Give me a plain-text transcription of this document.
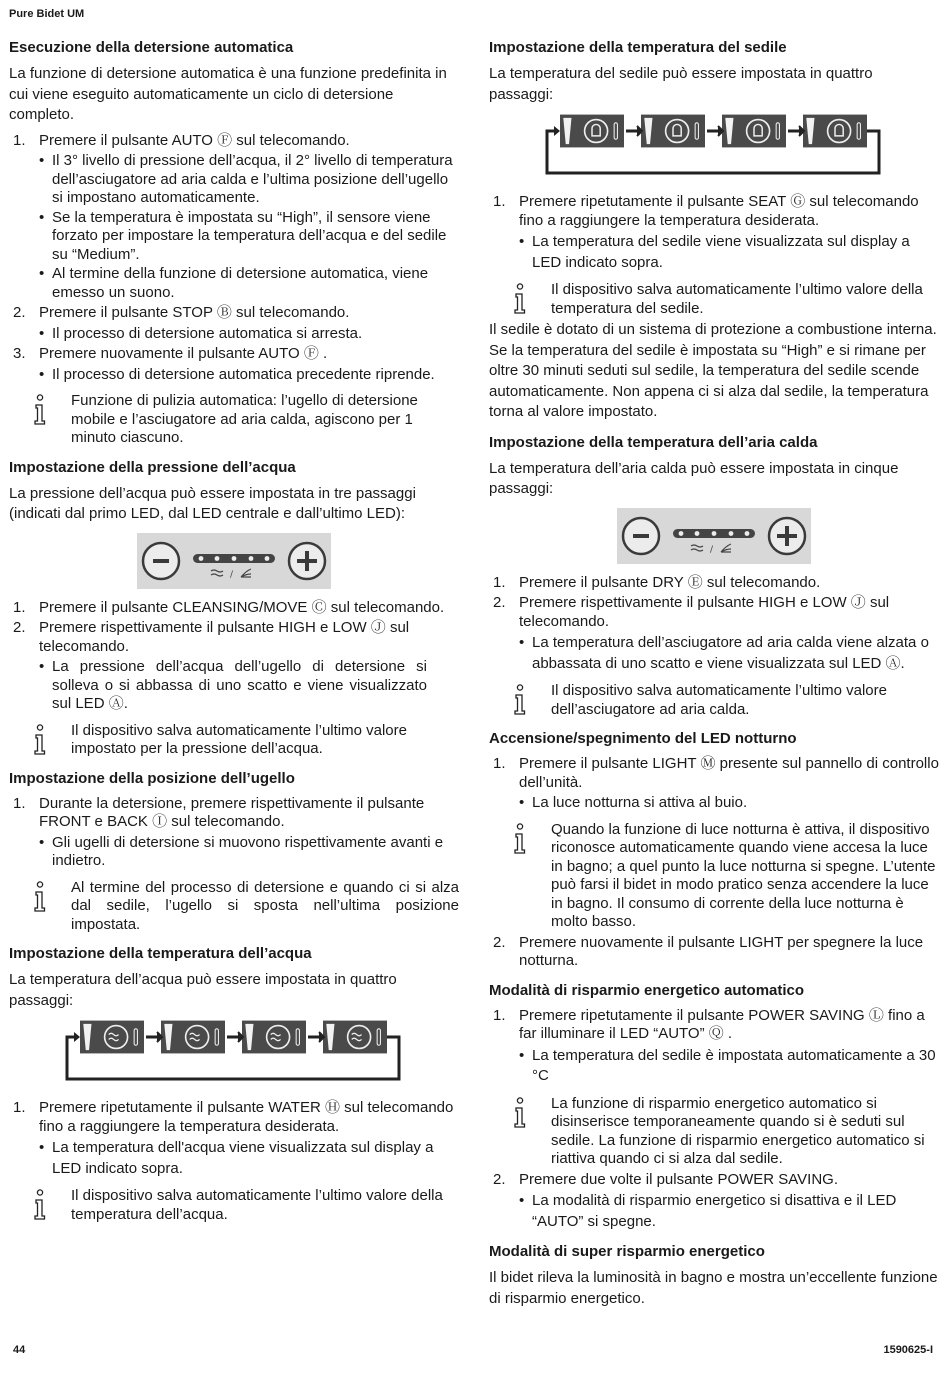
Pure Bidet UM
Esecuzione della detersione automatica

La funzione di detersione automatica è una funzione predefinita in cui viene eseguito automaticamente un ciclo di detersione completo.

1. Premere il pulsante AUTO Ⓕ sul telecomando.
• Il 3° livello di pressione dell’acqua, il 2° livello di temperatura dell’asciugatore ad aria calda e l’ultima posizione dell’ugello si impostano automaticamente.
• Se la temperatura è impostata su “High”, il sensore viene forzato per impostare la temperatura dell’acqua e del sedile su “Medium”.
• Al termine della funzione di detersione automatica, viene emesso un suono.
2. Premere il pulsante STOP Ⓑ sul telecomando.
• Il processo di detersione automatica si arresta.
3. Premere nuovamente il pulsante AUTO Ⓕ .
• Il processo di detersione automatica precedente riprende.
Funzione di pulizia automatica: l’ugello di detersione mobile e l’asciugatore ad aria calda, agiscono per 1 minuto ciascuno.
Impostazione della pressione dell’acqua

La pressione dell’acqua può essere impostata in tre passaggi (indicati dal primo LED, dal LED centrale e dall’ultimo LED):

1. Premere il pulsante CLEANSING/MOVE Ⓒ sul telecomando.
2. Premere rispettivamente il pulsante HIGH e LOW Ⓙ sul telecomando.
• La pressione dell’acqua dell’ugello di detersione si solleva o si abbassa di uno scatto e viene visualizzato sul LED Ⓐ.
Il dispositivo salva automaticamente l’ultimo valore impostato per la pressione dell’acqua.
Impostazione della posizione dell’ugello
1. Durante la detersione, premere rispettivamente il pulsante FRONT e BACK Ⓘ sul telecomando.
• Gli ugelli di detersione si muovono rispettivamente avanti e indietro.
Al termine del processo di detersione e quando ci si alza dal sedile, l’ugello si sposta nell’ultima posizione impostata.
Impostazione della temperatura dell’acqua

La temperatura dell’acqua può essere impostata in quattro passaggi:

1. Premere ripetutamente il pulsante WATER Ⓗ sul telecomando fino a raggiungere la temperatura desiderata.
• La temperatura dell'acqua viene visualizzata sul display a LED indicato sopra.
Il dispositivo salva automaticamente l’ultimo valore della temperatura dell’acqua.
Impostazione della temperatura del sedile

La temperatura del sedile può essere impostata in quattro passaggi:

1. Premere ripetutamente il pulsante SEAT Ⓖ sul telecomando fino a raggiungere la temperatura desiderata.
• La temperatura del sedile viene visualizzata sul display a LED indicato sopra.
Il dispositivo salva automaticamente l’ultimo valore della temperatura del sedile.

Il sedile è dotato di un sistema di protezione a combustione interna. Se la temperatura del sedile è impostata su “High” e si rimane per oltre 30 minuti seduti sul sedile, la temperatura del sedile scende automaticamente. Non appena ci si alza dal sedile, la temperatura torna al valore impostato.

Impostazione della temperatura dell’aria calda

La temperatura dell’aria calda può essere impostata in cinque passaggi:

1. Premere il pulsante DRY Ⓔ sul telecomando.
2. Premere rispettivamente il pulsante HIGH e LOW Ⓙ sul telecomando.
• La temperatura dell’asciugatore ad aria calda viene alzata o abbassata di uno scatto e viene visualizzata sul LED Ⓐ.
Il dispositivo salva automaticamente l’ultimo valore dell’asciugatore ad aria calda.
Accensione/spegnimento del LED notturno
1. Premere il pulsante LIGHT Ⓜ presente sul pannello di controllo dell’unità.
• La luce notturna si attiva al buio.
Quando la funzione di luce notturna è attiva, il dispositivo riconosce automaticamente quando viene accesa la luce in bagno; a quel punto la luce notturna si spegne. L’utente può farsi il bidet in modo pratico senza accendere la luce in bagno. Il consumo di corrente della luce notturna è molto basso.
2. Premere nuovamente il pulsante LIGHT per spegnere la luce notturna.
Modalità di risparmio energetico automatico
1. Premere ripetutamente il pulsante POWER SAVING Ⓛ fino a far illuminare il LED “AUTO” Ⓠ .
• La temperatura del sedile è impostata automaticamente a 30 °C
La funzione di risparmio energetico automatico si disinserisce temporaneamente quando si è seduti sul sedile. La funzione di risparmio energetico automatico si riattiva quando ci si alza dal sedile.
2. Premere due volte il pulsante POWER SAVING.
• La modalità di risparmio energetico si disattiva e il LED “AUTO” si spegne.
Modalità di super risparmio energetico

Il bidet rileva la luminosità in bagno e mostra un’eccellente funzione di risparmio energetico.

44	1590625-I
